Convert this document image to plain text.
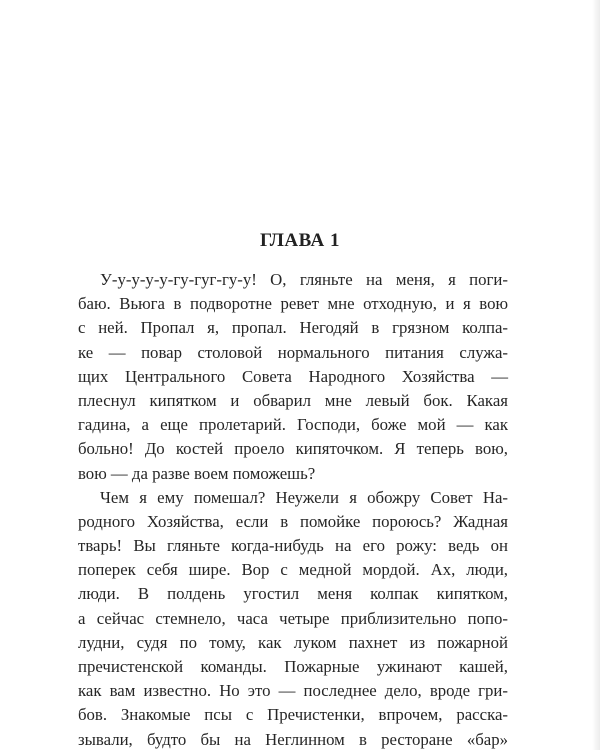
ГЛАВА 1
У-у-у-у-у-гу-гуг-гу-у! О, гляньте на меня, я поги-
баю. Вьюга в подворотне ревет мне отходную, и я вою
с ней. Пропал я, пропал. Негодяй в грязном колпа-
ке — повар столовой нормального питания служа-
щих Центрального Совета Народного Хозяйства —
плеснул кипятком и обварил мне левый бок. Какая
гадина, а еще пролетарий. Господи, боже мой — как
больно! До костей проело кипяточком. Я теперь вою,
вою — да разве воем поможешь?
Чем я ему помешал? Неужели я обожру Совет На-
родного Хозяйства, если в помойке пороюсь? Жадная
тварь! Вы гляньте когда-нибудь на его рожу: ведь он
поперек себя шире. Вор с медной мордой. Ах, люди,
люди. В полдень угостил меня колпак кипятком,
а сейчас стемнело, часа четыре приблизительно попо-
лудни, судя по тому, как луком пахнет из пожарной
пречистенской команды. Пожарные ужинают кашей,
как вам известно. Но это — последнее дело, вроде гри-
бов. Знакомые псы с Пречистенки, впрочем, расска-
зывали, будто бы на Неглинном в ресторане «бар»
